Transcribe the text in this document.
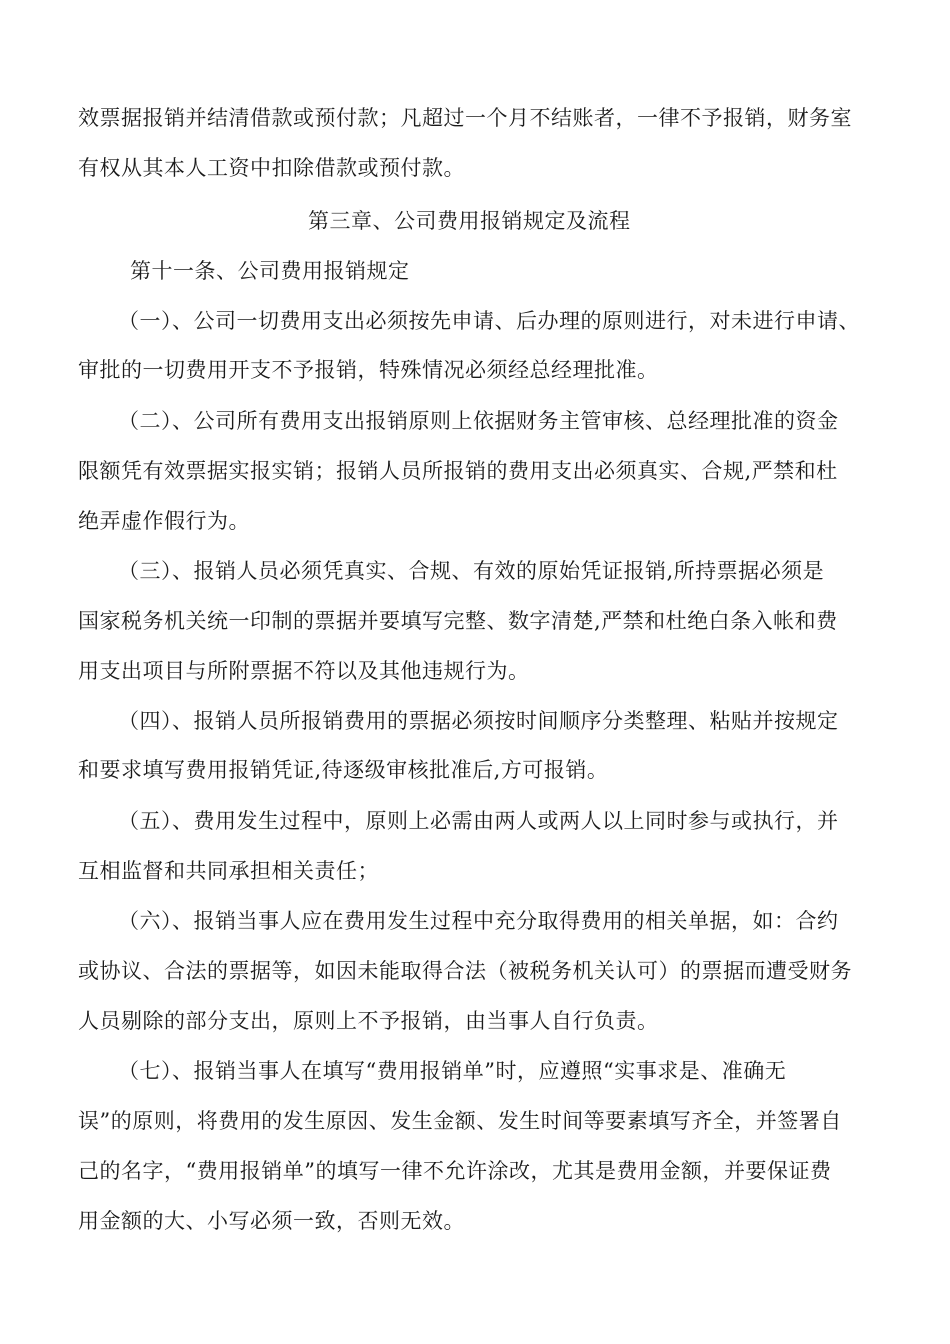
效票据报销并结清借款或预付款；凡超过一个月不结账者，一律不予报销，财务室
有权从其本人工资中扣除借款或预付款。
第三章、公司费用报销规定及流程
第十一条、公司费用报销规定
（一）、公司一切费用支出必须按先申请、后办理的原则进行，对未进行申请、
审批的一切费用开支不予报销，特殊情况必须经总经理批准。
（二）、公司所有费用支出报销原则上依据财务主管审核、总经理批准的资金
限额凭有效票据实报实销；报销人员所报销的费用支出必须真实、合规,严禁和杜
绝弄虚作假行为。
（三）、报销人员必须凭真实、合规、有效的原始凭证报销,所持票据必须是
国家税务机关统一印制的票据并要填写完整、数字清楚,严禁和杜绝白条入帐和费
用支出项目与所附票据不符以及其他违规行为。
（四）、报销人员所报销费用的票据必须按时间顺序分类整理、粘贴并按规定
和要求填写费用报销凭证,待逐级审核批准后,方可报销。
（五）、费用发生过程中，原则上必需由两人或两人以上同时参与或执行，并
互相监督和共同承担相关责任；
（六）、报销当事人应在费用发生过程中充分取得费用的相关单据，如：合约
或协议、合法的票据等，如因未能取得合法（被税务机关认可）的票据而遭受财务
人员剔除的部分支出，原则上不予报销，由当事人自行负责。
（七）、报销当事人在填写“费用报销单”时，应遵照“实事求是、准确无
误”的原则，将费用的发生原因、发生金额、发生时间等要素填写齐全，并签署自
己的名字，“费用报销单”的填写一律不允许涂改，尤其是费用金额，并要保证费
用金额的大、小写必须一致，否则无效。
